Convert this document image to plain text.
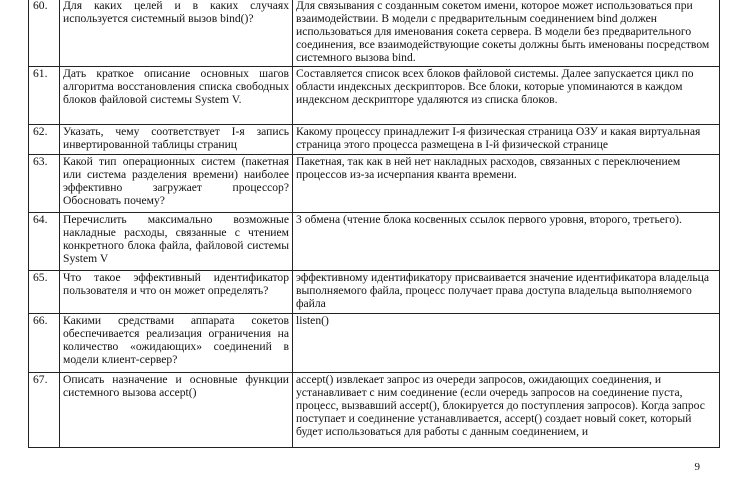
60.	Для каких целей и в каких случаях используется системный вызов bind()?	Для связывания с созданным сокетом имени, которое может использоваться при взаимодействии. В модели с предварительным соединением bind должен использоваться для именования сокета сервера. В модели без предварительного соединения, все взаимодействующие сокеты должны быть именованы посредством системного вызова bind.
61.	Дать краткое описание основных шагов алгоритма восстановления списка свободных блоков файловой системы System V.	Составляется список всех блоков файловой системы. Далее запускается цикл по области индексных дескрипторов. Все блоки, которые упоминаются в каждом индексном дескрипторе удаляются из списка блоков.
62.	Указать, чему соответствует I-я запись инвертированной таблицы страниц	Какому процессу принадлежит I-я физическая страница ОЗУ и какая виртуальная страница этого процесса размещена в I-й физической странице
63.	Какой тип операционных систем (пакетная или система разделения времени) наиболее эффективно загружает процессор? Обосновать почему?	Пакетная, так как в ней нет накладных расходов, связанных с переключением процессов из-за исчерпания кванта времени.
64.	Перечислить максимально возможные накладные расходы, связанные с чтением конкретного блока файла, файловой системы System V	3 обмена (чтение блока косвенных ссылок первого уровня, второго, третьего).
65.	Что такое эффективный идентификатор пользователя и что он может определять?	эффективному идентификатору присваивается значение идентификатора владельца выполняемого файла, процесс получает права доступа владельца выполняемого файла
66.	Какими средствами аппарата сокетов обеспечивается реализация ограничения на количество «ожидающих» соединений в модели клиент-сервер?	listen()
67.	Описать назначение и основные функции системного вызова accept()	accept() извлекает запрос из очереди запросов, ожидающих соединения, и устанавливает с ним соединение (если очередь запросов на соединение пуста, процесс, вызвавший accept(), блокируется до поступления запросов). Когда запрос поступает и соединение устанавливается, accept() создает новый сокет, который будет использоваться для работы с данным соединением, и
9
